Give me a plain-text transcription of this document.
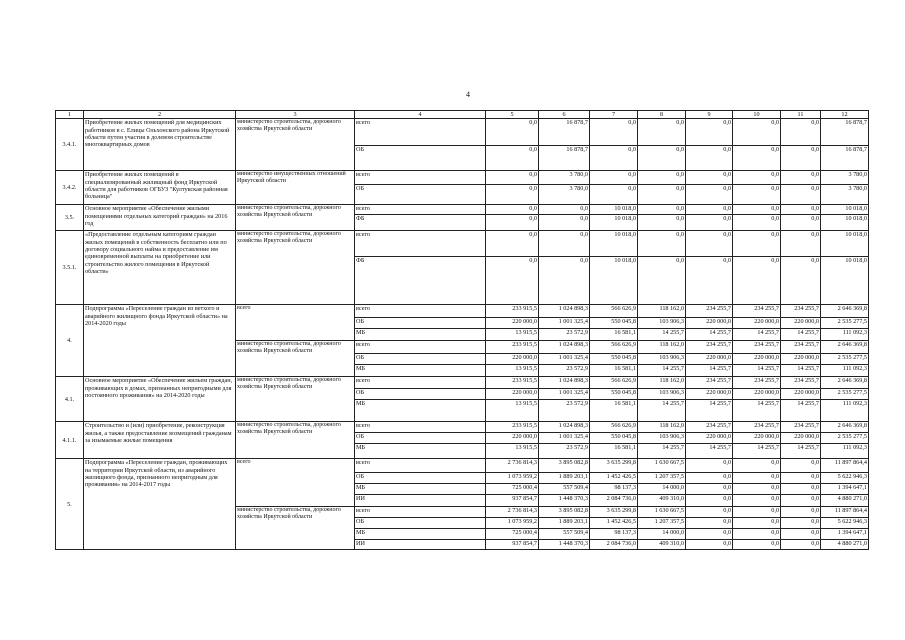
4
1	2	3	4	5	6	7	8	9	10	11	12
3.4.1.	Приобретение жилых помещений для медицинских работников в с. Елицы Ольхонского района Иркутской области путем участия в долевом строительстве многоквартирных домов	министерство строительства, дорожного хозяйства Иркутской области	всего	0,0	16 878,7	0,0	0,0	0,0	0,0	0,0	16 878,7
			ОБ	0,0	16 878,7	0,0	0,0	0,0	0,0	0,0	16 878,7
3.4.2.	Приобретение жилых помещений в специализированный жилищный фонд Иркутской области для работников ОГБУЗ "Култукская районная больница"	министерство имущественных отношений Иркутской области	всего	0,0	3 780,0	0,0	0,0	0,0	0,0	0,0	3 780,0
			ОБ	0,0	3 780,0	0,0	0,0	0,0	0,0	0,0	3 780,0
3.5.	Основное мероприятие «Обеспечение жилыми помещениями отдельных категорий граждан» на 2016 год	министерство строительства, дорожного хозяйства Иркутской области	всего	0,0	0,0	10 018,0	0,0	0,0	0,0	0,0	10 018,0
			ФБ	0,0	0,0	10 018,0	0,0	0,0	0,0	0,0	10 018,0
3.5.1.	«Предоставление отдельным категориям граждан жилых помещений в собственность бесплатно или по договору социального найма и предоставление им единовременной выплаты на приобретение или строительство жилого помещения в Иркутской области»	министерство строительства, дорожного хозяйства Иркутской области	всего	0,0	0,0	10 018,0	0,0	0,0	0,0	0,0	10 018,0
			ФБ	0,0	0,0	10 018,0	0,0	0,0	0,0	0,0	10 018,0
4.	Подпрограмма «Переселение граждан из ветхого и аварийного жилищного фонда Иркутской области» на 2014-2020 годы	всего	всего	233 915,5	1 024 898,3	566 626,9	118 162,0	234 255,7	234 255,7	234 255,7	2 646 369,8
			ОБ	220 000,0	1 001 325,4	550 045,8	103 906,3	220 000,0	220 000,0	220 000,0	2 535 277,5
			МБ	13 915,5	23 572,9	16 581,1	14 255,7	14 255,7	14 255,7	14 255,7	111 092,3
		министерство строительства, дорожного хозяйства Иркутской области	всего	233 915,5	1 024 898,3	566 626,9	118 162,0	234 255,7	234 255,7	234 255,7	2 646 369,8
			ОБ	220 000,0	1 001 325,4	550 045,8	103 906,3	220 000,0	220 000,0	220 000,0	2 535 277,5
			МБ	13 915,5	23 572,9	16 581,1	14 255,7	14 255,7	14 255,7	14 255,7	111 092,3
4.1.	Основное мероприятие «Обеспечение жильем граждан, проживающих в домах, признанных непригодными для постоянного проживания» на 2014-2020 годы	министерство строительства, дорожного хозяйства Иркутской области	всего	233 915,5	1 024 898,3	566 626,9	118 162,0	234 255,7	234 255,7	234 255,7	2 646 369,8
			ОБ	220 000,0	1 001 325,4	550 045,8	103 906,3	220 000,0	220 000,0	220 000,0	2 535 277,5
			МБ	13 915,5	23 572,9	16 581,1	14 255,7	14 255,7	14 255,7	14 255,7	111 092,3
4.1.1.	Строительство и (или) приобретение, реконструкция жилья, а также предоставление возмещений гражданам за изымаемые жилые помещения	министерство строительства, дорожного хозяйства Иркутской области	всего	233 915,5	1 024 898,3	566 626,9	118 162,0	234 255,7	234 255,7	234 255,7	2 646 369,8
			ОБ	220 000,0	1 001 325,4	550 045,8	103 906,3	220 000,0	220 000,0	220 000,0	2 535 277,5
			МБ	13 915,5	23 572,9	16 581,1	14 255,7	14 255,7	14 255,7	14 255,7	111 092,3
5.	Подпрограмма «Переселение граждан, проживающих на территории Иркутской области, из аварийного жилищного фонда, признанного непригодным для проживания» на 2014-2017 годы	всего	всего	2 736 814,3	3 895 082,8	3 635 299,8	1 630 667,5	0,0	0,0	0,0	11 897 864,4
			ОБ	1 073 959,2	1 889 203,1	1 452 426,5	1 207 357,5	0,0	0,0	0,0	5 622 946,3
			МБ	725 000,4	557 509,4	98 137,3	14 000,0	0,0	0,0	0,0	1 394 647,1
			ИИ	937 854,7	1 448 370,3	2 084 736,0	409 310,0	0,0	0,0	0,0	4 880 271,0
		министерство строительства, дорожного хозяйства Иркутской области	всего	2 736 814,3	3 895 082,8	3 635 299,8	1 630 667,5	0,0	0,0	0,0	11 897 864,4
			ОБ	1 073 959,2	1 889 203,1	1 452 426,5	1 207 357,5	0,0	0,0	0,0	5 622 946,3
			МБ	725 000,4	557 509,4	98 137,3	14 000,0	0,0	0,0	0,0	1 394 647,1
			ИИ	937 854,7	1 448 370,3	2 084 736,0	409 310,0	0,0	0,0	0,0	4 880 271,0
